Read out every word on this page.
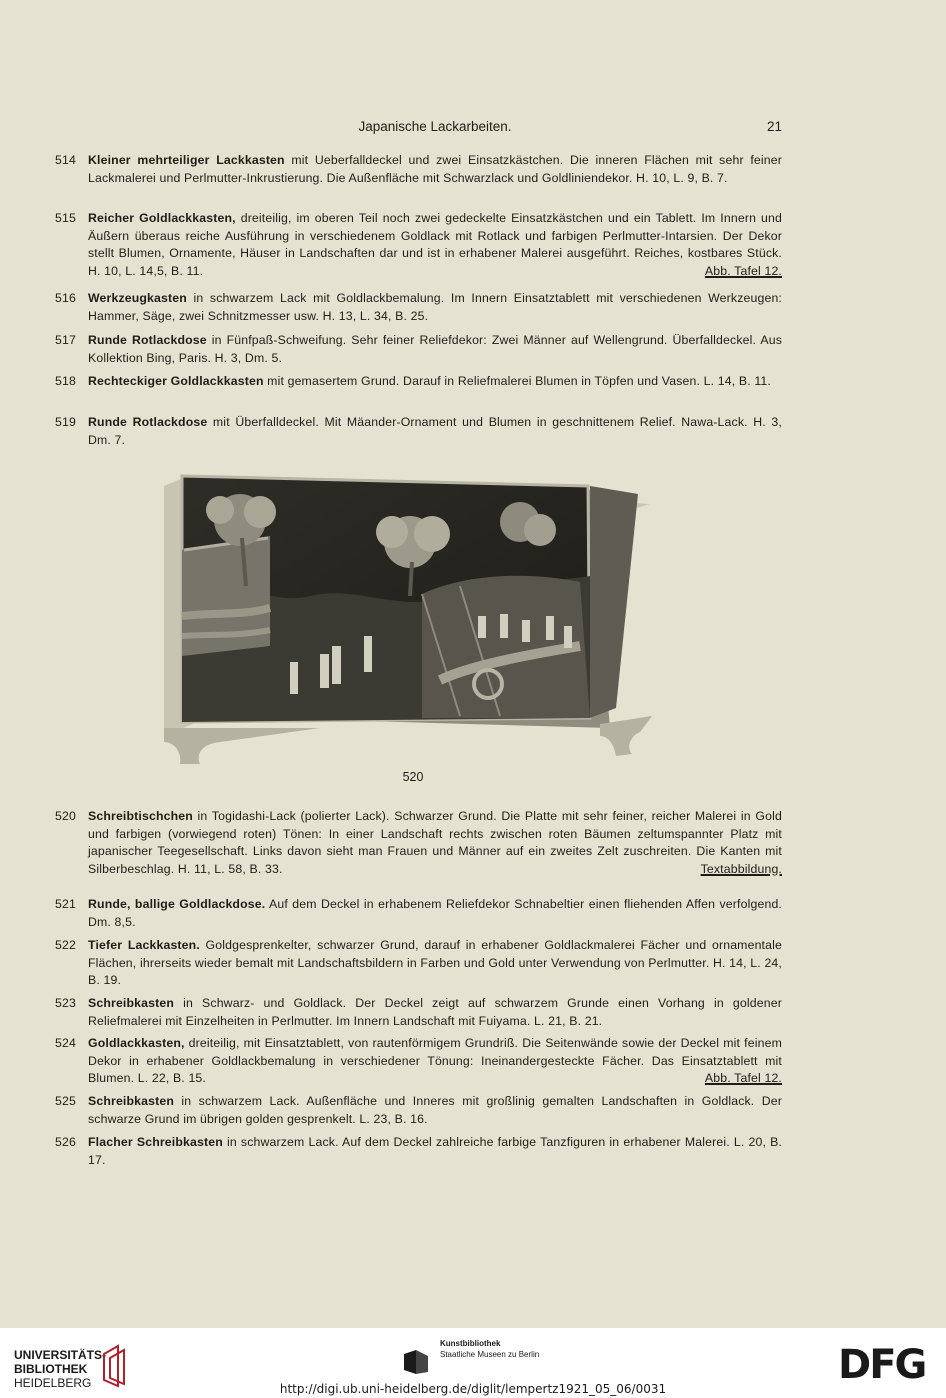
Japanische Lackarbeiten.	21
514 Kleiner mehrteiliger Lackkasten mit Ueberfalldeckel und zwei Einsatzkästchen. Die inneren Flächen mit sehr feiner Lackmalerei und Perlmutter-Inkrustierung. Die Außenfläche mit Schwarzlack und Goldliniendekor. H. 10, L. 9, B. 7.
515 Reicher Goldlackkasten, dreiteilig, im oberen Teil noch zwei gedeckelte Einsatzkästchen und ein Tablett. Im Innern und Äußern überaus reiche Ausführung in verschiedenem Goldlack mit Rotlack und farbigen Perlmutter-Intarsien. Der Dekor stellt Blumen, Ornamente, Häuser in Landschaften dar und ist in erhabener Malerei ausgeführt. Reiches, kostbares Stück. H. 10, L. 14,5, B. 11.	Abb. Tafel 12.
516 Werkzeugkasten in schwarzem Lack mit Goldlackbemalung. Im Innern Einsatztablett mit verschiedenen Werkzeugen: Hammer, Säge, zwei Schnitzmesser usw. H. 13, L. 34, B. 25.
517 Runde Rotlackdose in Fünfpaß-Schweifung. Sehr feiner Reliefdekor: Zwei Männer auf Wellengrund. Überfalldeckel. Aus Kollektion Bing, Paris. H. 3, Dm. 5.
518 Rechteckiger Goldlackkasten mit gemasertem Grund. Darauf in Reliefmalerei Blumen in Töpfen und Vasen. L. 14, B. 11.
519 Runde Rotlackdose mit Überfalldeckel. Mit Mäander-Ornament und Blumen in geschnittenem Relief. Nawa-Lack. H. 3, Dm. 7.
520
520 Schreibtischchen in Togidashi-Lack (polierter Lack). Schwarzer Grund. Die Platte mit sehr feiner, reicher Malerei in Gold und farbigen (vorwiegend roten) Tönen: In einer Landschaft rechts zwischen roten Bäumen zeltumspannter Platz mit japanischer Teegesellschaft. Links davon sieht man Frauen und Männer auf ein zweites Zelt zuschreiten. Die Kanten mit Silberbeschlag. H. 11, L. 58, B. 33.	Textabbildung.
521 Runde, ballige Goldlackdose. Auf dem Deckel in erhabenem Reliefdekor Schnabeltier einen fliehenden Affen verfolgend. Dm. 8,5.
522 Tiefer Lackkasten. Goldgesprenkelter, schwarzer Grund, darauf in erhabener Goldlackmalerei Fächer und ornamentale Flächen, ihrerseits wieder bemalt mit Landschaftsbildern in Farben und Gold unter Verwendung von Perlmutter. H. 14, L. 24, B. 19.
523 Schreibkasten in Schwarz- und Goldlack. Der Deckel zeigt auf schwarzem Grunde einen Vorhang in goldener Reliefmalerei mit Einzelheiten in Perlmutter. Im Innern Landschaft mit Fuiyama. L. 21, B. 21.
524 Goldlackkasten, dreiteilig, mit Einsatztablett, von rautenförmigem Grundriß. Die Seitenwände sowie der Deckel mit feinem Dekor in erhabener Goldlackbemalung in verschiedener Tönung: Ineinandergesteckte Fächer. Das Einsatztablett mit Blumen. L. 22, B. 15.	Abb. Tafel 12.
525 Schreibkasten in schwarzem Lack. Außenfläche und Inneres mit großlinig gemalten Landschaften in Goldlack. Der schwarze Grund im übrigen golden gesprenkelt. L. 23, B. 16.
526 Flacher Schreibkasten in schwarzem Lack. Auf dem Deckel zahlreiche farbige Tanzfiguren in erhabener Malerei. L. 20, B. 17.
UNIVERSITÄTS-
BIBLIOTHEK
HEIDELBERG
Kunstbibliothek
Staatliche Museen zu Berlin	DFG
http://digi.ub.uni-heidelberg.de/diglit/lempertz1921_05_06/0031
